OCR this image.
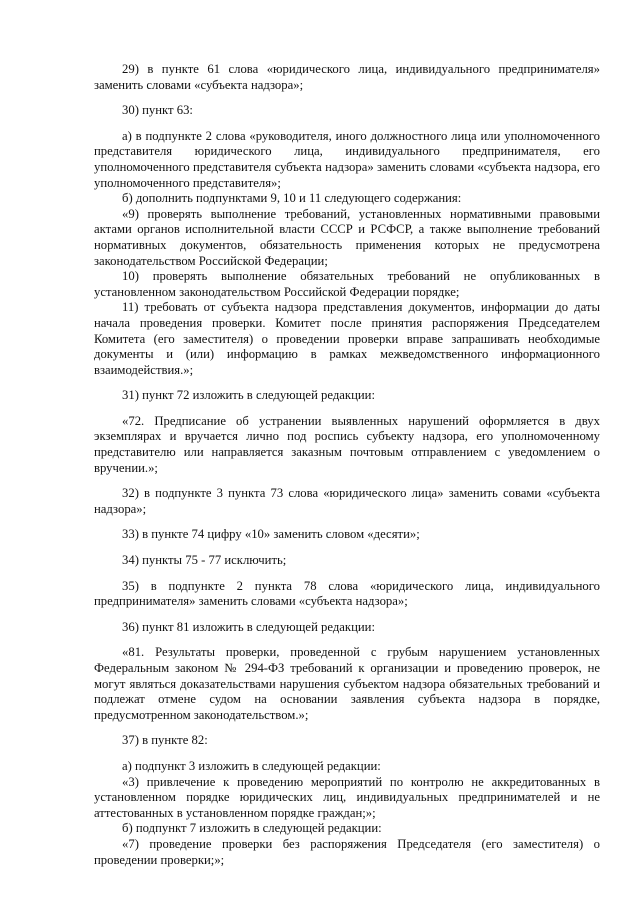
29) в пункте 61 слова «юридического лица, индивидуального предпринимателя» заменить словами «субъекта надзора»;

30) пункт 63:

а) в подпункте 2 слова «руководителя, иного должностного лица или уполномоченного представителя юридического лица, индивидуального предпринимателя, его уполномоченного представителя субъекта надзора» заменить словами «субъекта надзора, его уполномоченного представителя»;

б) дополнить подпунктами 9, 10 и 11 следующего содержания:

«9) проверять выполнение требований, установленных нормативными правовыми актами органов исполнительной власти СССР и РСФСР, а также выполнение требований нормативных документов, обязательность применения которых не предусмотрена законодательством Российской Федерации;

10) проверять выполнение обязательных требований не опубликованных в установленном законодательством Российской Федерации порядке;

11) требовать от субъекта надзора представления документов, информации до даты начала проведения проверки. Комитет после принятия распоряжения Председателем Комитета (его заместителя) о проведении проверки вправе запрашивать необходимые документы и (или) информацию в рамках межведомственного информационного взаимодействия.»;

31) пункт 72 изложить в следующей редакции:

«72. Предписание об устранении выявленных нарушений оформляется в двух экземплярах и вручается лично под роспись субъекту надзора, его уполномоченному представителю или направляется заказным почтовым отправлением с уведомлением о вручении.»;

32) в подпункте 3 пункта 73 слова «юридического лица» заменить совами «субъекта надзора»;

33) в пункте 74 цифру «10» заменить словом «десяти»;

34) пункты 75 - 77 исключить;

35) в подпункте 2 пункта 78 слова «юридического лица, индивидуального предпринимателя» заменить словами «субъекта надзора»;

36) пункт 81 изложить в следующей редакции:

«81. Результаты проверки, проведенной с грубым нарушением установленных Федеральным законом № 294-ФЗ требований к организации и проведению проверок, не могут являться доказательствами нарушения субъектом надзора обязательных требований и подлежат отмене судом на основании заявления субъекта надзора в порядке, предусмотренном законодательством.»;

37) в пункте 82:

а) подпункт 3 изложить в следующей редакции:

«3) привлечение к проведению мероприятий по контролю не аккредитованных в установленном порядке юридических лиц, индивидуальных предпринимателей и не аттестованных в установленном порядке граждан;»;

б) подпункт 7 изложить в следующей редакции:

«7) проведение проверки без распоряжения Председателя (его заместителя) о проведении проверки;»;
